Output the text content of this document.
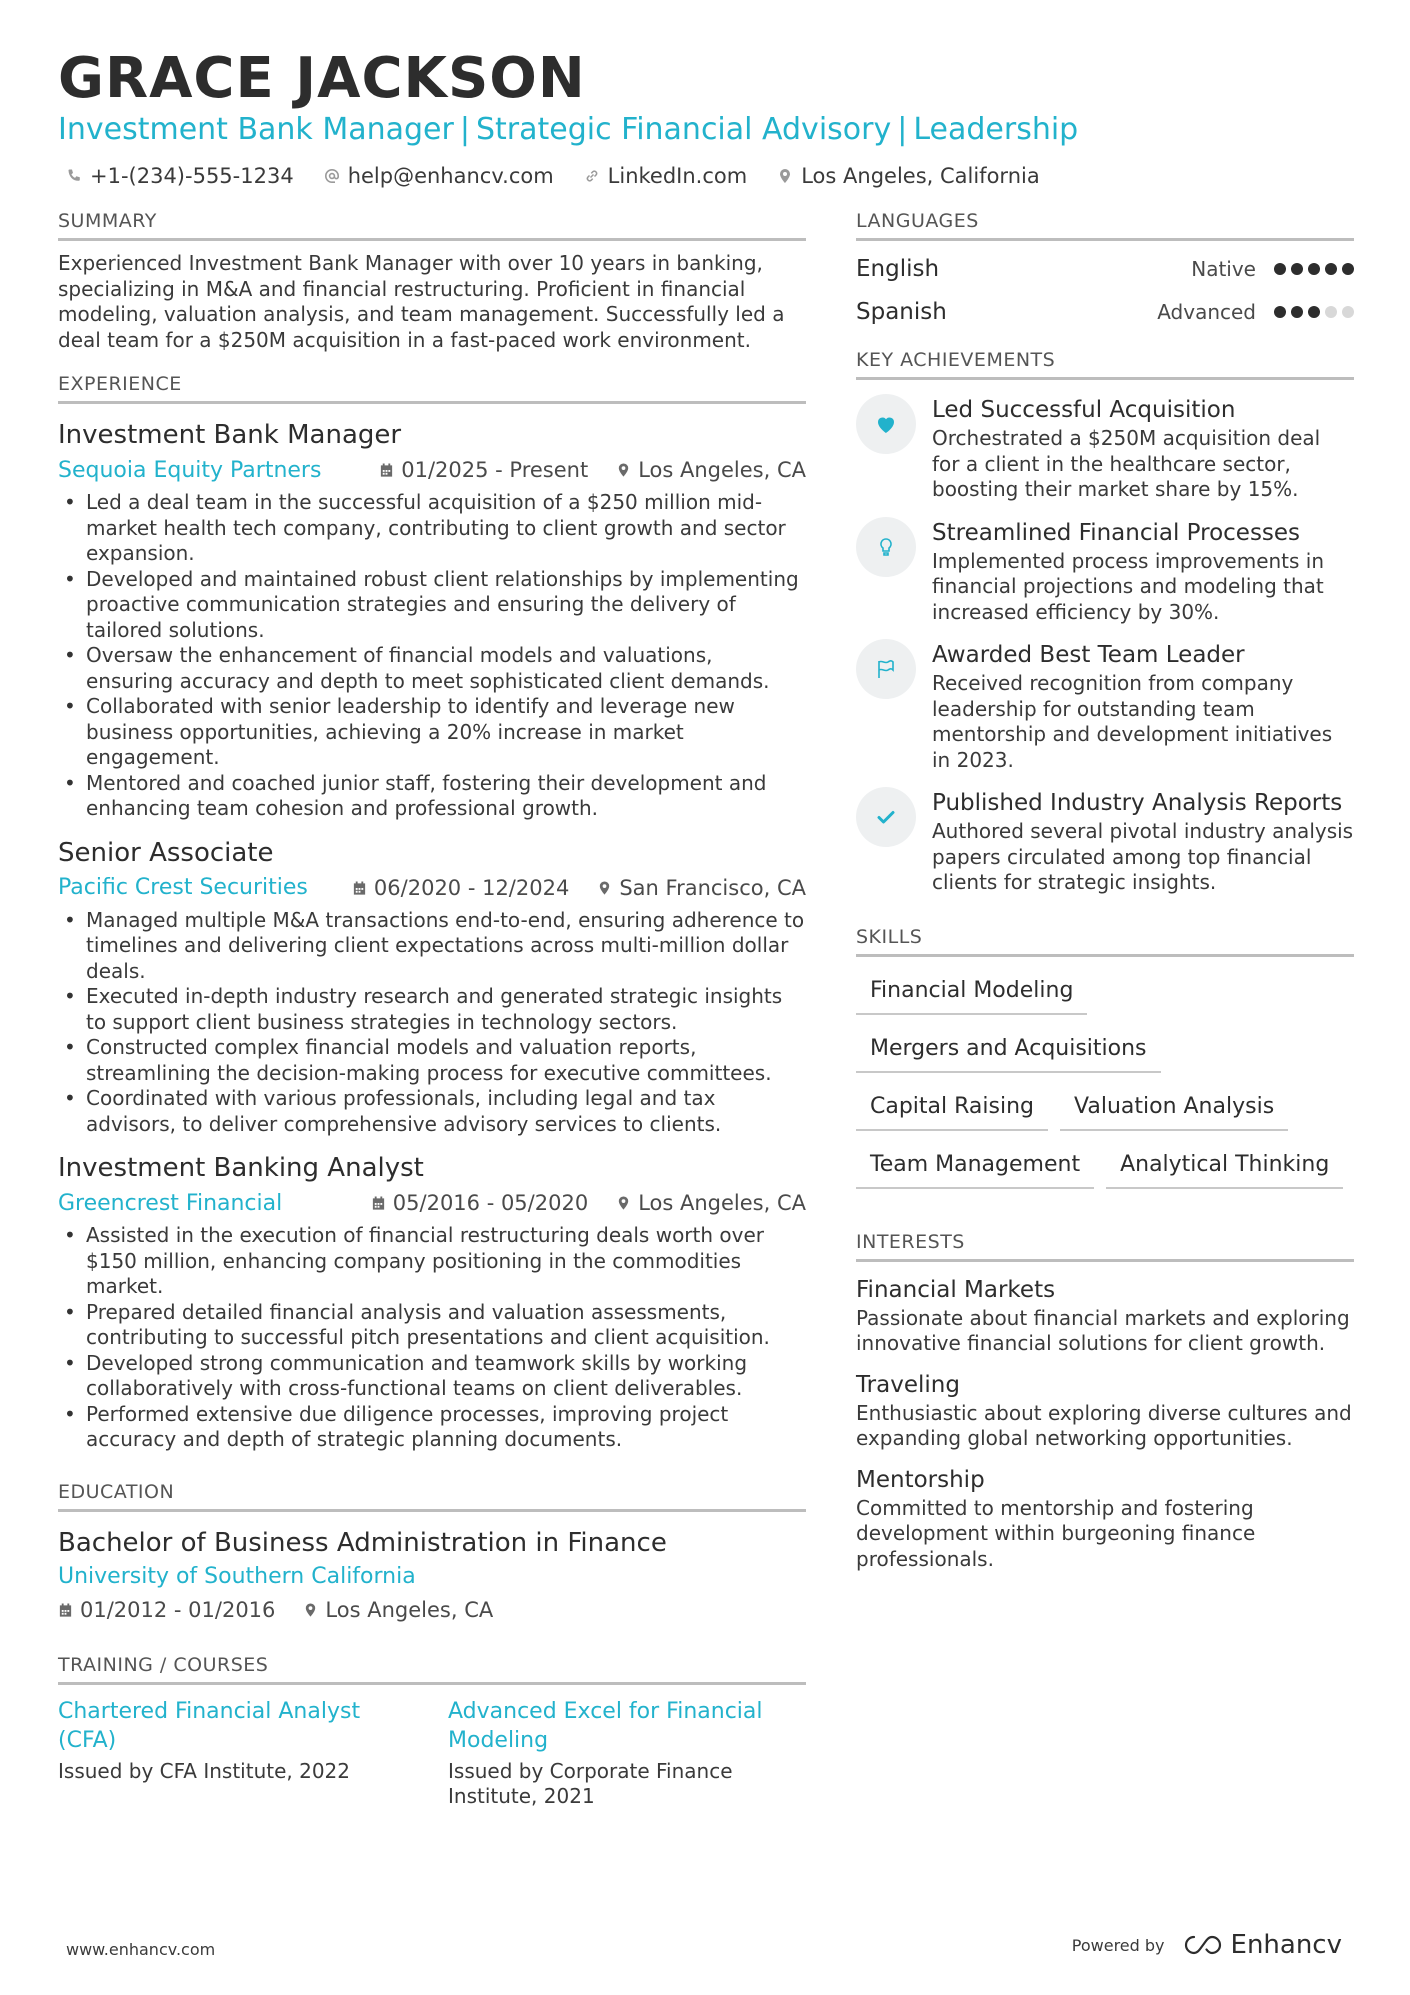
GRACE JACKSON
Investment Bank Manager | Strategic Financial Advisory | Leadership
+1-(234)-555-1234	help@enhancv.com	LinkedIn.com	Los Angeles, California
SUMMARY
Experienced Investment Bank Manager with over 10 years in banking, specializing in M&A and financial restructuring. Proficient in financial modeling, valuation analysis, and team management. Successfully led a deal team for a $250M acquisition in a fast-paced work environment.
EXPERIENCE
Investment Bank Manager
Sequoia Equity Partners	01/2025 - Present Los Angeles, CA
• Led a deal team in the successful acquisition of a $250 million mid-market health tech company, contributing to client growth and sector expansion.
• Developed and maintained robust client relationships by implementing proactive communication strategies and ensuring the delivery of tailored solutions.
• Oversaw the enhancement of financial models and valuations, ensuring accuracy and depth to meet sophisticated client demands.
• Collaborated with senior leadership to identify and leverage new business opportunities, achieving a 20% increase in market engagement.
• Mentored and coached junior staff, fostering their development and enhancing team cohesion and professional growth.
Senior Associate
Pacific Crest Securities	06/2020 - 12/2024 San Francisco, CA
• Managed multiple M&A transactions end-to-end, ensuring adherence to timelines and delivering client expectations across multi-million dollar deals.
• Executed in-depth industry research and generated strategic insights to support client business strategies in technology sectors.
• Constructed complex financial models and valuation reports, streamlining the decision-making process for executive committees.
• Coordinated with various professionals, including legal and tax advisors, to deliver comprehensive advisory services to clients.
Investment Banking Analyst
Greencrest Financial	05/2016 - 05/2020 Los Angeles, CA
• Assisted in the execution of financial restructuring deals worth over $150 million, enhancing company positioning in the commodities market.
• Prepared detailed financial analysis and valuation assessments, contributing to successful pitch presentations and client acquisition.
• Developed strong communication and teamwork skills by working collaboratively with cross-functional teams on client deliverables.
• Performed extensive due diligence processes, improving project accuracy and depth of strategic planning documents.
EDUCATION
Bachelor of Business Administration in Finance
University of Southern California
01/2012 - 01/2016 Los Angeles, CA
TRAINING / COURSES
Chartered Financial Analyst (CFA)
Issued by CFA Institute, 2022
Advanced Excel for Financial Modeling
Issued by Corporate Finance Institute, 2021
LANGUAGES
English	Native
Spanish	Advanced
KEY ACHIEVEMENTS
Led Successful Acquisition
Orchestrated a $250M acquisition deal for a client in the healthcare sector, boosting their market share by 15%.
Streamlined Financial Processes
Implemented process improvements in financial projections and modeling that increased efficiency by 30%.
Awarded Best Team Leader
Received recognition from company leadership for outstanding team mentorship and development initiatives in 2023.
Published Industry Analysis Reports
Authored several pivotal industry analysis papers circulated among top financial clients for strategic insights.
SKILLS
Financial Modeling
Mergers and Acquisitions
Capital Raising	Valuation Analysis
Team Management	Analytical Thinking
INTERESTS
Financial Markets
Passionate about financial markets and exploring innovative financial solutions for client growth.
Traveling
Enthusiastic about exploring diverse cultures and expanding global networking opportunities.
Mentorship
Committed to mentorship and fostering development within burgeoning finance professionals.
www.enhancv.com	Powered by	Enhancv
